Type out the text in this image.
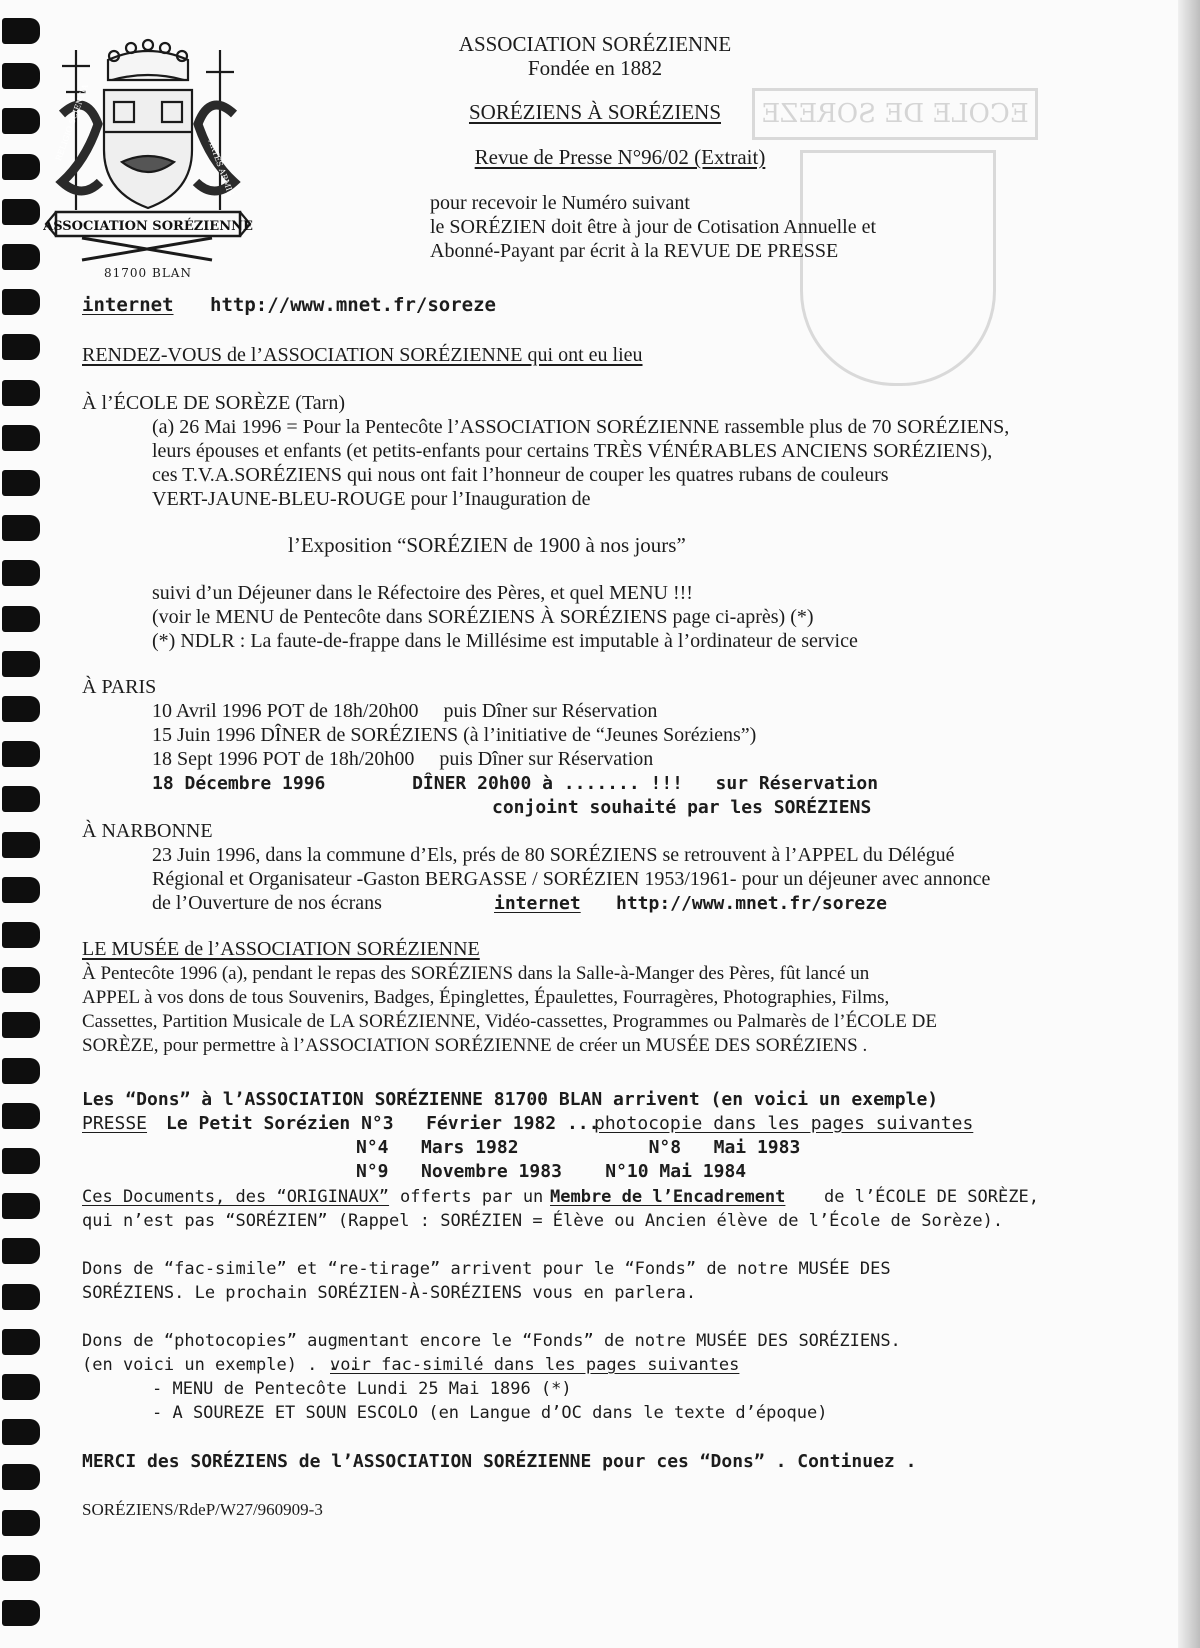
ECOLE DE SOREZE
ASSOCIATION SORÉZIENNE
RELIGIO SCIENTIA
ARTES ARMIS
81700 BLAN
ASSOCIATION SORÉZIENNE
Fondée en 1882
SORÉZIENS À SORÉZIENS
Revue de Presse N°96/02 (Extrait)
pour recevoir le Numéro suivant
le SORÉZIEN doit être à jour de Cotisation Annuelle et
Abonné-Payant par écrit à la REVUE DE PRESSE
internet http://www.mnet.fr/soreze
RENDEZ-VOUS de l’ASSOCIATION SORÉZIENNE qui ont eu lieu
À l’ÉCOLE DE SORÈZE (Tarn)
(a) 26 Mai 1996 = Pour la Pentecôte l’ASSOCIATION SORÉZIENNE rassemble plus de 70 SORÉZIENS,
leurs épouses et enfants (et petits-enfants pour certains TRÈS VÉNÉRABLES ANCIENS SORÉZIENS),
ces T.V.A.SORÉZIENS qui nous ont fait l’honneur de couper les quatres rubans de couleurs
VERT-JAUNE-BLEU-ROUGE pour l’Inauguration de
l’Exposition “SORÉZIEN de 1900 à nos jours”
suivi d’un Déjeuner dans le Réfectoire des Pères, et quel MENU !!!
(voir le MENU de Pentecôte dans SORÉZIENS À SORÉZIENS page ci-après) (*)
(*) NDLR : La faute-de-frappe dans le Millésime est imputable à l’ordinateur de service
À PARIS
10 Avril 1996 POT de 18h/20h00     puis Dîner sur Réservation
15 Juin 1996 DÎNER de SORÉZIENS (à l’initiative de “Jeunes Soréziens”)
18 Sept 1996 POT de 18h/20h00     puis Dîner sur Réservation
18 Décembre 1996        DÎNER 20h00 à ....... !!!   sur Réservation
conjoint souhaité par les SORÉZIENS
À NARBONNE
23 Juin 1996, dans la commune d’Els, prés de 80 SORÉZIENS se retrouvent à l’APPEL du Délégué
Régional et Organisateur -Gaston BERGASSE / SORÉZIEN 1953/1961- pour un déjeuner avec annonce
de l’Ouverture de nos écrans	internet http://www.mnet.fr/soreze
LE MUSÉE de l’ASSOCIATION SORÉZIENNE
À Pentecôte 1996 (a), pendant le repas des SORÉZIENS dans la Salle-à-Manger des Pères, fût lancé un
APPEL à vos dons de tous Souvenirs, Badges, Épinglettes, Épaulettes, Fourragères, Photographies, Films,
Cassettes, Partition Musicale de LA SORÉZIENNE, Vidéo-cassettes, Programmes ou Palmarès de l’ÉCOLE DE
SORÈZE, pour permettre à l’ASSOCIATION SORÉZIENNE de créer un MUSÉE DES SORÉZIENS .
Les “Dons” à l’ASSOCIATION SORÉZIENNE 81700 BLAN arrivent (en voici un exemple)
PRESSE Le Petit Sorézien N°3   Février 1982 ...
photocopie dans les pages suivantes
N°4   Mars 1982            N°8   Mai 1983
N°9   Novembre 1983    N°10 Mai 1984
Ces Documents, des “ORIGINAUX” offerts par un Membre de l’Encadrement de l’ÉCOLE DE SORÈZE,
qui n’est pas “SORÉZIEN” (Rappel : SORÉZIEN = Élève ou Ancien élève de l’École de Sorèze).
Dons de “fac-simile” et “re-tirage” arrivent pour le “Fonds” de notre MUSÉE DES
SORÉZIENS. Le prochain SORÉZIEN-À-SORÉZIENS vous en parlera.
Dons de “photocopies” augmentant encore le “Fonds” de notre MUSÉE DES SORÉZIENS.
(en voici un exemple) . . .
voir fac-similé dans les pages suivantes
- MENU de Pentecôte Lundi 25 Mai 1896 (*)
- A SOUREZE ET SOUN ESCOLO (en Langue d’OC dans le texte d’époque)
MERCI des SORÉZIENS de l’ASSOCIATION SORÉZIENNE pour ces “Dons” . Continuez .
SORÉZIENS/RdeP/W27/960909-3
